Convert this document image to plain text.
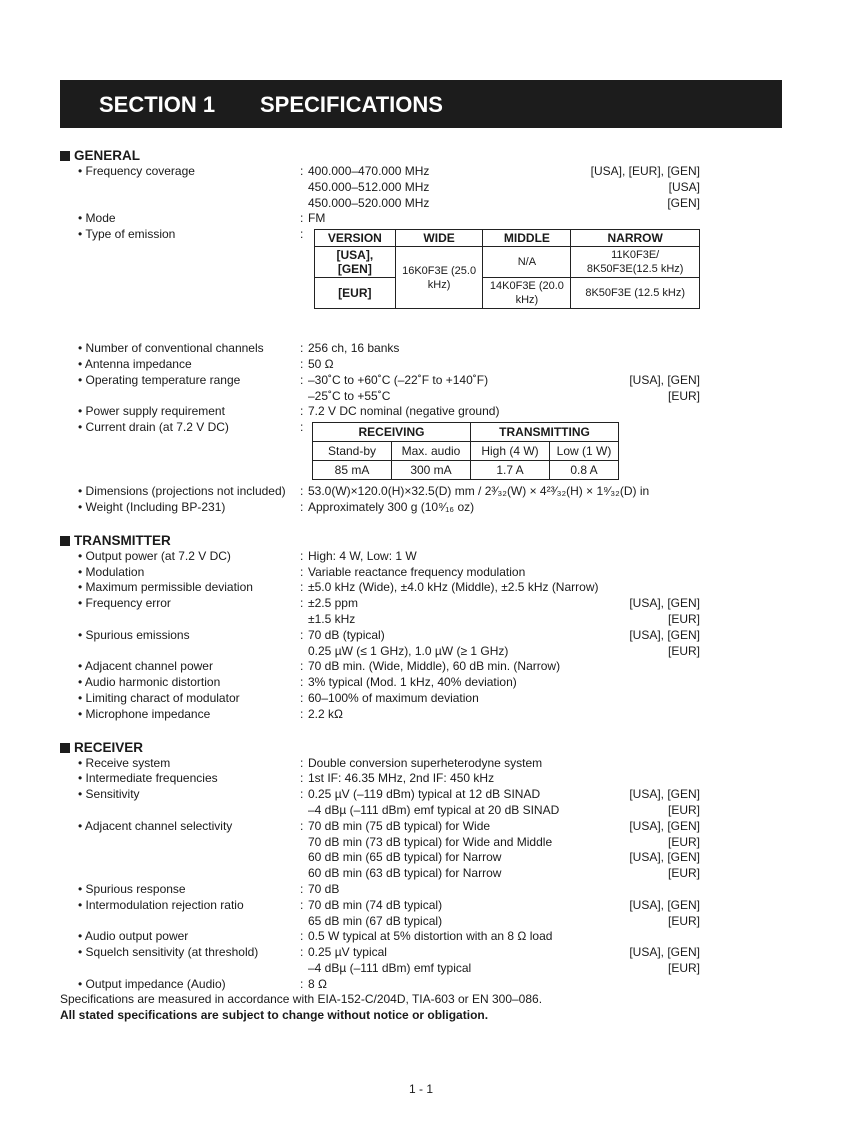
SECTION 1 SPECIFICATIONS
GENERAL
• Frequency coverage	: 400.000–470.000 MHz	[USA], [EUR], [GEN]
450.000–512.000 MHz	[USA]
450.000–520.000 MHz	[GEN]
• Mode	: FM
• Type of emission	:	VERSION	WIDE	MIDDLE	NARROW
[USA], [GEN]	16K0F3E (25.0 kHz)	N/A	11K0F3E/ 8K50F3E(12.5 kHz)
[EUR]		14K0F3E (20.0 kHz)	8K50F3E (12.5 kHz)
• Number of conventional channels	: 256 ch, 16 banks
• Antenna impedance	: 50 Ω
• Operating temperature range	: –30˚C to +60˚C (–22˚F to +140˚F)	[USA], [GEN]
–25˚C to +55˚C	[EUR]
• Power supply requirement	: 7.2 V DC nominal (negative ground)
• Current drain (at 7.2 V DC)	:	RECEIVING		TRANSMITTING	
Stand-by	Max. audio	High (4 W)	Low (1 W)
85 mA	300 mA	1.7 A	0.8 A
• Dimensions (projections not included)	: 53.0(W)×120.0(H)×32.5(D) mm / 2³⁄₃₂(W) × 4²³⁄₃₂(H) × 1⁹⁄₃₂(D) in
• Weight (Including BP-231)	: Approximately 300 g (10⁹⁄₁₆ oz)
TRANSMITTER
• Output power (at 7.2 V DC)	: High: 4 W, Low: 1 W
• Modulation	: Variable reactance frequency modulation
• Maximum permissible deviation	: ±5.0 kHz (Wide), ±4.0 kHz (Middle), ±2.5 kHz (Narrow)
• Frequency error	: ±2.5 ppm	[USA], [GEN]
±1.5 kHz	[EUR]
• Spurious emissions	: 70 dB (typical)	[USA], [GEN]
0.25 µW (≤ 1 GHz), 1.0 µW (≥ 1 GHz)	[EUR]
• Adjacent channel power	: 70 dB min. (Wide, Middle), 60 dB min. (Narrow)
• Audio harmonic distortion	: 3% typical (Mod. 1 kHz, 40% deviation)
• Limiting charact of modulator	: 60–100% of maximum deviation
• Microphone impedance	: 2.2 kΩ
RECEIVER
• Receive system	: Double conversion superheterodyne system
• Intermediate frequencies	: 1st IF: 46.35 MHz, 2nd IF: 450 kHz
• Sensitivity	: 0.25 µV (–119 dBm) typical at 12 dB SINAD	[USA], [GEN]
–4 dBµ (–111 dBm) emf typical at 20 dB SINAD	[EUR]
• Adjacent channel selectivity	: 70 dB min (75 dB typical) for Wide	[USA], [GEN]
70 dB min (73 dB typical) for Wide and Middle	[EUR]
60 dB min (65 dB typical) for Narrow	[USA], [GEN]
60 dB min (63 dB typical) for Narrow	[EUR]
• Spurious response	: 70 dB
• Intermodulation rejection ratio	: 70 dB min (74 dB typical)	[USA], [GEN]
65 dB min (67 dB typical)	[EUR]
• Audio output power	: 0.5 W typical at 5% distortion with an 8 Ω load
• Squelch sensitivity (at threshold)	: 0.25 µV typical	[USA], [GEN]
–4 dBµ (–111 dBm) emf typical	[EUR]
• Output impedance (Audio)	: 8 Ω
Specifications are measured in accordance with EIA-152-C/204D, TIA-603 or EN 300–086.
All stated specifications are subject to change without notice or obligation.
1 - 1
